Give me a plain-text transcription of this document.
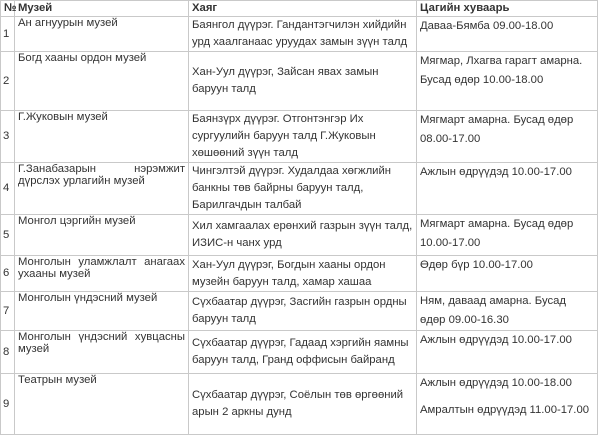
№	Музей	Хаяг	Цагийн хуваарь
1	Ан агнуурын музей	Баянгол дүүрэг. Гандантэгчилэн хийдийн урд хаалганаас уруудах замын зүүн талд	Даваа-Бямба 09.00-18.00
2	Богд хааны ордон музей	Хан-Уул дүүрэг, Зайсан явах замын баруун талд	Мягмар, Лхагва гарагт амарна. Бусад өдөр 10.00-18.00
3	Г.Жуковын музей	Баянзүрх дүүрэг. Отгонтэнгэр Их сургуулийн баруун талд Г.Жуковын хөшөөний зүүн талд	Мягмарт амарна. Бусад өдөр 08.00-17.00
4	Г.Занабазарын нэрэмжит дүрслэх урлагийн музей	Чингэлтэй дүүрэг. Худалдаа хөгжлийн банкны төв байрны баруун талд, Барилгачдын талбай	Ажлын өдрүүдэд 10.00-17.00
5	Монгол цэргийн музей	Хил хамгаалах ерөнхий газрын зүүн талд, ИЗИС-н чанх урд	Мягмарт амарна. Бусад өдөр 10.00-17.00
6	Монголын уламжлалт анагаах ухааны музей	Хан-Уул дүүрэг, Богдын хааны ордон музейн баруун талд, хамар хашаа	Өдөр бүр 10.00-17.00
7	Монголын үндэсний музей	Сүхбаатар дүүрэг, Засгийн газрын ордны баруун талд	Ням, даваад амарна. Бусад өдөр 09.00-16.30
8	Монголын үндэсний хувцасны музей	Сүхбаатар дүүрэг, Гадаад хэргийн яамны баруун талд, Гранд оффисын байранд	Ажлын өдрүүдэд 10.00-17.00
9	Театрын музей	Сүхбаатар дүүрэг, Соёлын төв өргөөний арын 2 аркны дунд	Ажлын өдрүүдэд 10.00-18.00
Амралтын өдрүүдэд 11.00-17.00
